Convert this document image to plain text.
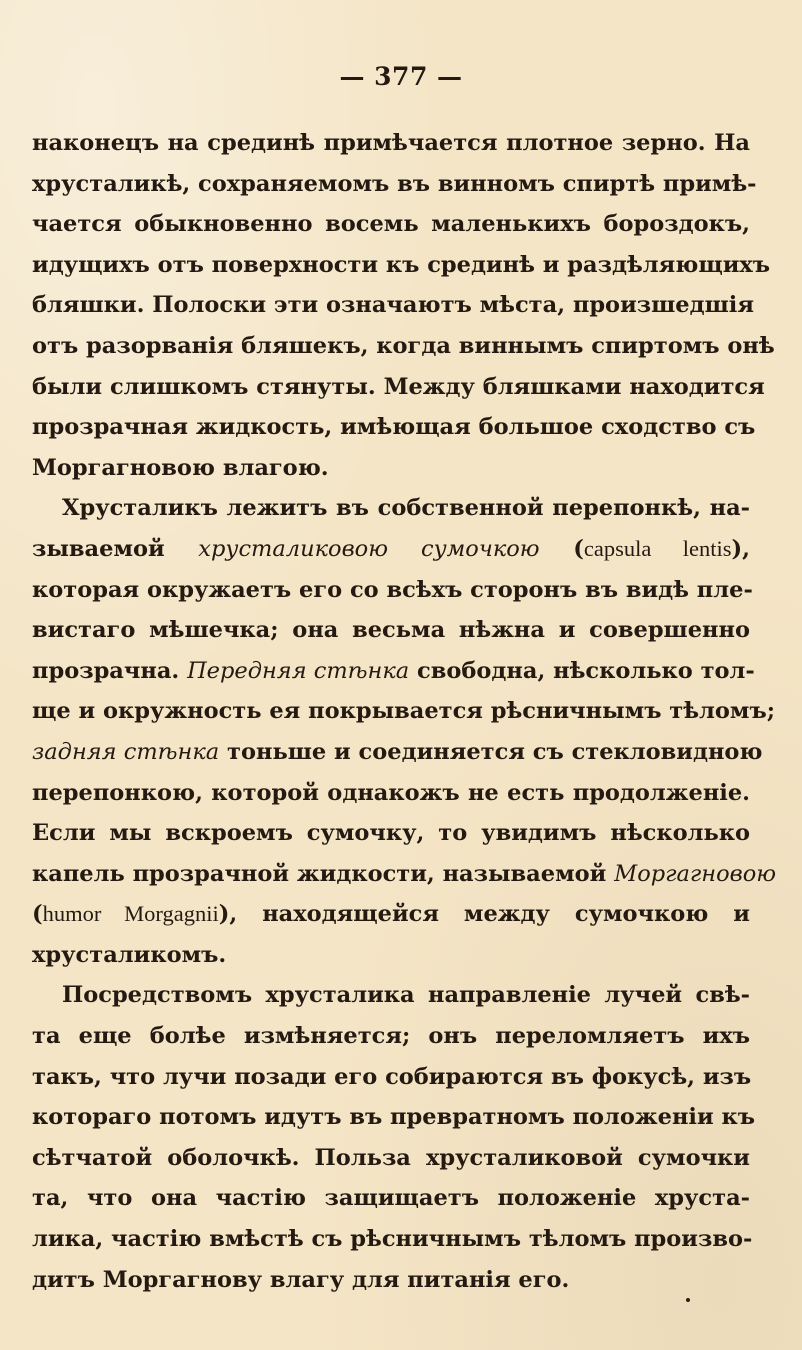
— 377 —
наконецъ на срединѣ примѣчается плотное зерно. На
хрусталикѣ, сохраняемомъ въ винномъ спиртѣ примѣ-
чается обыкновенно восемь маленькихъ бороздокъ,
идущихъ отъ поверхности къ срединѣ и раздѣляющихъ
бляшки. Полоски эти означаютъ мѣста, произшедшія
отъ разорванія бляшекъ, когда виннымъ спиртомъ онѣ
были слишкомъ стянуты. Между бляшками находится
прозрачная жидкость, имѣющая большое сходство съ
Моргагновою влагою.
Хрусталикъ лежитъ въ собственной перепонкѣ, на-
зываемой хрусталиковою сумочкою (capsula lentis),
которая окружаетъ его со всѣхъ сторонъ въ видѣ пле-
вистаго мѣшечка; она весьма нѣжна и совершенно
прозрачна. Передняя стѣнка свободна, нѣсколько тол-
ще и окружность ея покрывается рѣсничнымъ тѣломъ;
задняя стѣнка тоньше и соединяется съ стекловидною
перепонкою, которой однакожъ не есть продолженіе.
Если мы вскроемъ сумочку, то увидимъ нѣсколько
капель прозрачной жидкости, называемой Моргагновою
(humor Morgagnii), находящейся между сумочкою и
хрусталикомъ.
Посредствомъ хрусталика направленіе лучей свѣ-
та еще болѣе измѣняется; онъ переломляетъ ихъ
такъ, что лучи позади его собираются въ фокусѣ, изъ
котораго потомъ идутъ въ превратномъ положеніи къ
сѣтчатой оболочкѣ. Польза хрусталиковой сумочки
та, что она частію защищаетъ положеніе хруста-
лика, частію вмѣстѣ съ рѣсничнымъ тѣломъ произво-
дитъ Моргагнову влагу для питанія его.
